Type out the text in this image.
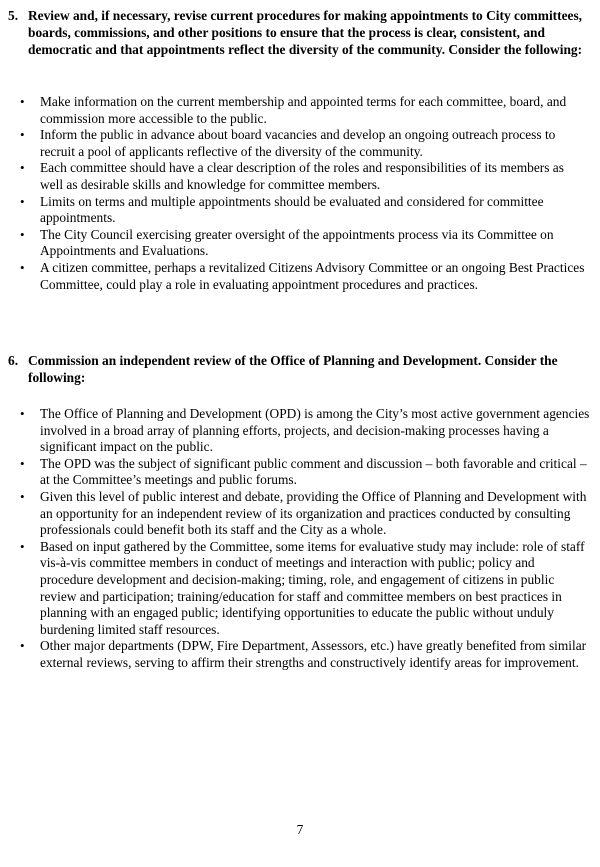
5. Review and, if necessary, revise current procedures for making appointments to City committees, boards, commissions, and other positions to ensure that the process is clear, consistent, and democratic and that appointments reflect the diversity of the community. Consider the following:
•	Make information on the current membership and appointed terms for each committee, board, and commission more accessible to the public.
•	Inform the public in advance about board vacancies and develop an ongoing outreach process to recruit a pool of applicants reflective of the diversity of the community.
•	Each committee should have a clear description of the roles and responsibilities of its members as well as desirable skills and knowledge for committee members.
•	Limits on terms and multiple appointments should be evaluated and considered for committee appointments.
•	The City Council exercising greater oversight of the appointments process via its Committee on Appointments and Evaluations.
•	A citizen committee, perhaps a revitalized Citizens Advisory Committee or an ongoing Best Practices Committee, could play a role in evaluating appointment procedures and practices.
6. Commission an independent review of the Office of Planning and Development. Consider the following:
•	The Office of Planning and Development (OPD) is among the City’s most active government agencies involved in a broad array of planning efforts, projects, and decision-making processes having a significant impact on the public.
•	The OPD was the subject of significant public comment and discussion – both favorable and critical – at the Committee’s meetings and public forums.
•	Given this level of public interest and debate, providing the Office of Planning and Development with an opportunity for an independent review of its organization and practices conducted by consulting professionals could benefit both its staff and the City as a whole.
•	Based on input gathered by the Committee, some items for evaluative study may include: role of staff vis-à-vis committee members in conduct of meetings and interaction with public; policy and procedure development and decision-making; timing, role, and engagement of citizens in public review and participation; training/education for staff and committee members on best practices in planning with an engaged public; identifying opportunities to educate the public without unduly burdening limited staff resources.
•	Other major departments (DPW, Fire Department, Assessors, etc.) have greatly benefited from similar external reviews, serving to affirm their strengths and constructively identify areas for improvement.
7
